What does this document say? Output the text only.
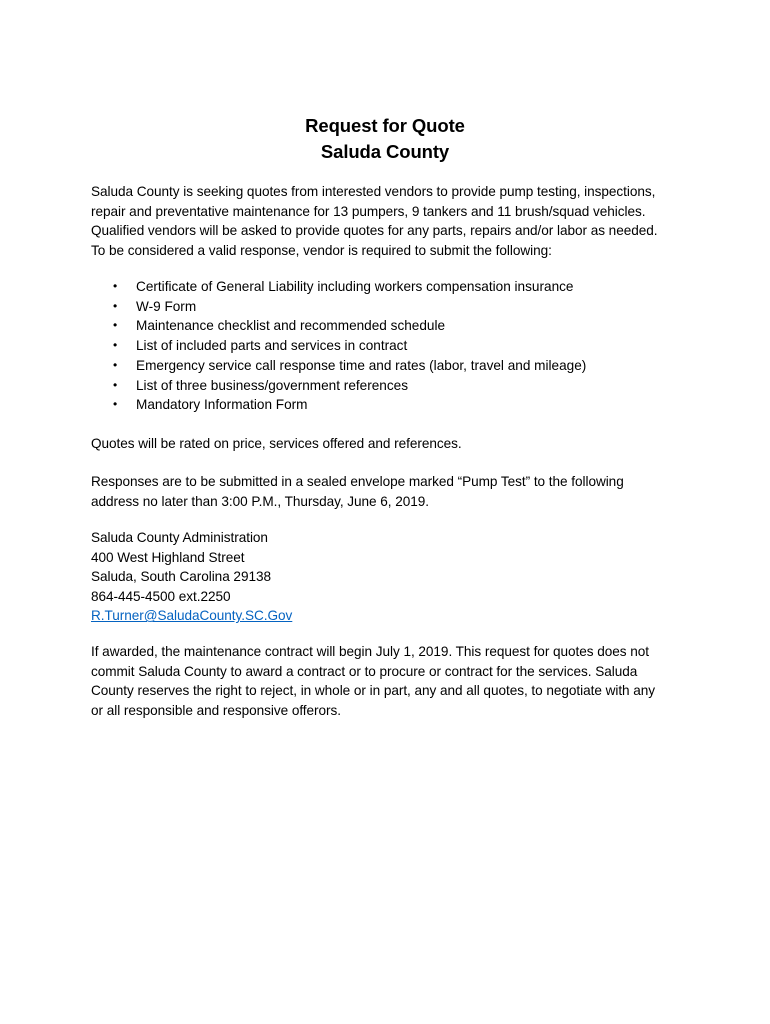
Request for Quote
Saluda County
Saluda County is seeking quotes from interested vendors to provide pump testing, inspections,
repair and preventative maintenance for 13 pumpers, 9 tankers and 11 brush/squad vehicles.
Qualified vendors will be asked to provide quotes for any parts, repairs and/or labor as needed.
To be considered a valid response, vendor is required to submit the following:
• Certificate of General Liability including workers compensation insurance
• W-9 Form
• Maintenance checklist and recommended schedule
• List of included parts and services in contract
• Emergency service call response time and rates (labor, travel and mileage)
• List of three business/government references
• Mandatory Information Form
Quotes will be rated on price, services offered and references.
Responses are to be submitted in a sealed envelope marked “Pump Test” to the following
address no later than 3:00 P.M., Thursday, June 6, 2019.
Saluda County Administration
400 West Highland Street
Saluda, South Carolina 29138
864-445-4500 ext.2250
R.Turner@SaludaCounty.SC.Gov
If awarded, the maintenance contract will begin July 1, 2019. This request for quotes does not
commit Saluda County to award a contract or to procure or contract for the services. Saluda
County reserves the right to reject, in whole or in part, any and all quotes, to negotiate with any
or all responsible and responsive offerors.
